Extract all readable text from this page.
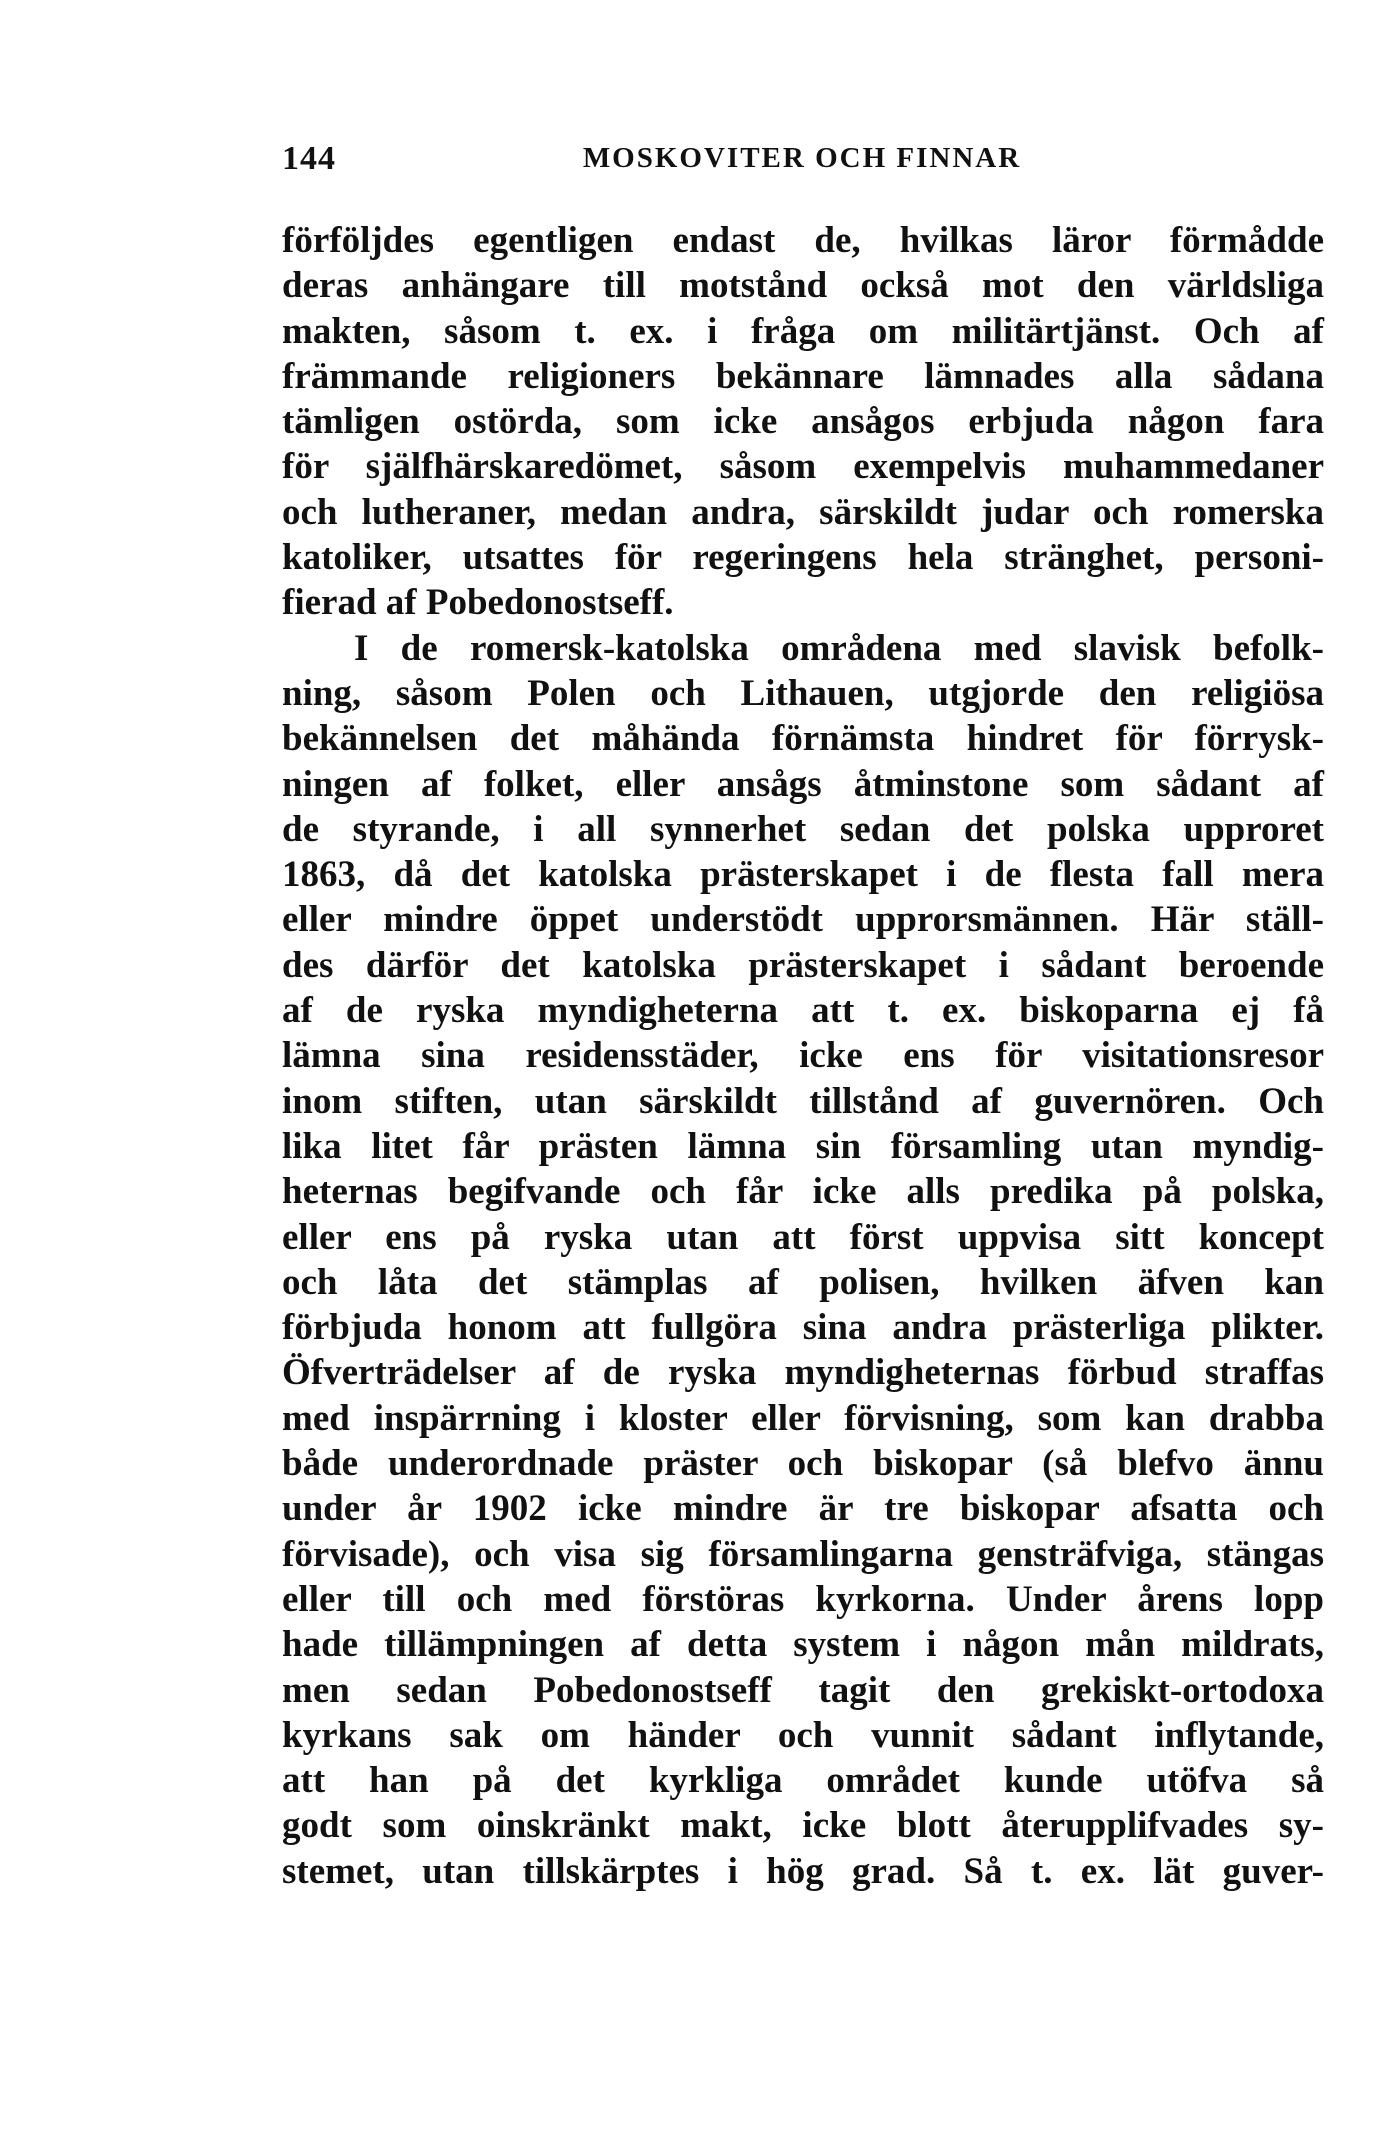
144	MOSKOVITER OCH FINNAR
förföljdes egentligen endast de, hvilkas läror förmådde
deras anhängare till motstånd också mot den världsliga
makten, såsom t. ex. i fråga om militärtjänst. Och af
främmande religioners bekännare lämnades alla sådana
tämligen ostörda, som icke ansågos erbjuda någon fara
för själfhärskaredömet, såsom exempelvis muhammedaner
och lutheraner, medan andra, särskildt judar och romerska
katoliker, utsattes för regeringens hela stränghet, personi-
fierad af Pobedonostseff.
I de romersk-katolska områdena med slavisk befolk-
ning, såsom Polen och Lithauen, utgjorde den religiösa
bekännelsen det måhända förnämsta hindret för förrysk-
ningen af folket, eller ansågs åtminstone som sådant af
de styrande, i all synnerhet sedan det polska upproret
1863, då det katolska prästerskapet i de flesta fall mera
eller mindre öppet understödt upprorsmännen. Här ställ-
des därför det katolska prästerskapet i sådant beroende
af de ryska myndigheterna att t. ex. biskoparna ej få
lämna sina residensstäder, icke ens för visitationsresor
inom stiften, utan särskildt tillstånd af guvernören. Och
lika litet får prästen lämna sin församling utan myndig-
heternas begifvande och får icke alls predika på polska,
eller ens på ryska utan att först uppvisa sitt koncept
och låta det stämplas af polisen, hvilken äfven kan
förbjuda honom att fullgöra sina andra prästerliga plikter.
Öfverträdelser af de ryska myndigheternas förbud straffas
med inspärrning i kloster eller förvisning, som kan drabba
både underordnade präster och biskopar (så blefvo ännu
under år 1902 icke mindre är tre biskopar afsatta och
förvisade), och visa sig församlingarna gensträfviga, stängas
eller till och med förstöras kyrkorna. Under årens lopp
hade tillämpningen af detta system i någon mån mildrats,
men sedan Pobedonostseff tagit den grekiskt-ortodoxa
kyrkans sak om händer och vunnit sådant inflytande,
att han på det kyrkliga området kunde utöfva så
godt som oinskränkt makt, icke blott återupplifvades sy-
stemet, utan tillskärptes i hög grad. Så t. ex. lät guver-
